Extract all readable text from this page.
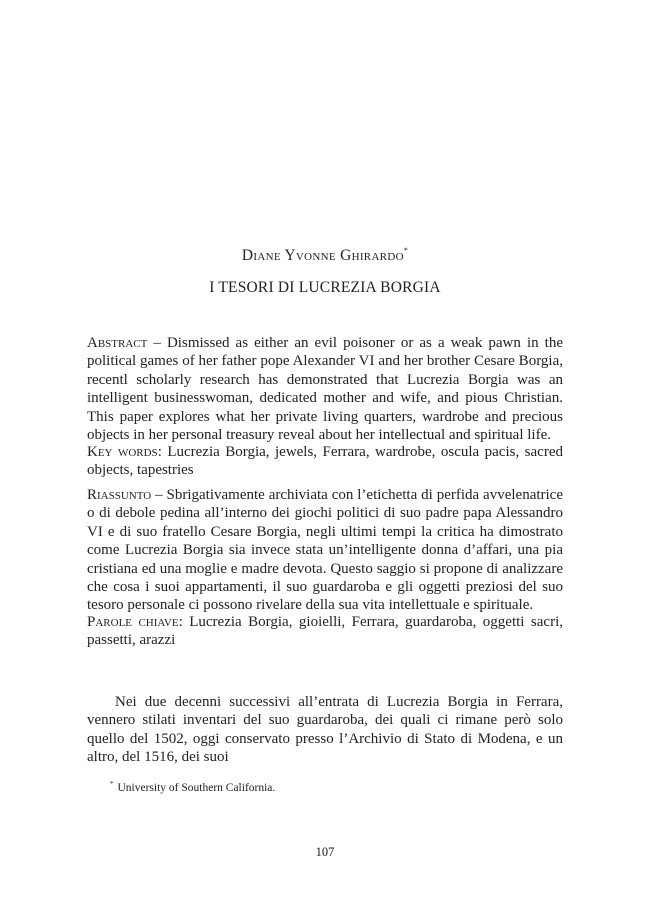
Diane Yvonne Ghirardo*
I TESORI DI LUCREZIA BORGIA

Abstract – Dismissed as either an evil poisoner or as a weak pawn in the political games of her father pope Alexander VI and her brother Cesare Borgia, recentl scholarly research has demonstrated that Lucrezia Borgia was an intelligent businesswoman, dedicated mother and wife, and pious Christian. This paper explores what her private living quarters, wardrobe and precious objects in her personal treasury reveal about her intellectual and spiritual life.

Key words: Lucrezia Borgia, jewels, Ferrara, wardrobe, oscula pacis, sacred objects, tapestries

Riassunto – Sbrigativamente archiviata con l’etichetta di perfida avvelenatrice o di debole pedina all’interno dei giochi politici di suo padre papa Alessandro VI e di suo fratello Cesare Borgia, negli ultimi tempi la critica ha dimostrato come Lucrezia Borgia sia invece stata un’intelligente donna d’affari, una pia cristiana ed una moglie e madre devota. Questo saggio si propone di analizzare che cosa i suoi appartamenti, il suo guardaroba e gli oggetti preziosi del suo tesoro personale ci possono rivelare della sua vita intellettuale e spirituale.

Parole chiave: Lucrezia Borgia, gioielli, Ferrara, guardaroba, oggetti sacri, passetti, arazzi

Nei due decenni successivi all’entrata di Lucrezia Borgia in Ferrara, vennero stilati inventari del suo guardaroba, dei quali ci rimane però solo quello del 1502, oggi conservato presso l’Archivio di Stato di Modena, e un altro, del 1516, dei suoi

* University of Southern California.
107
